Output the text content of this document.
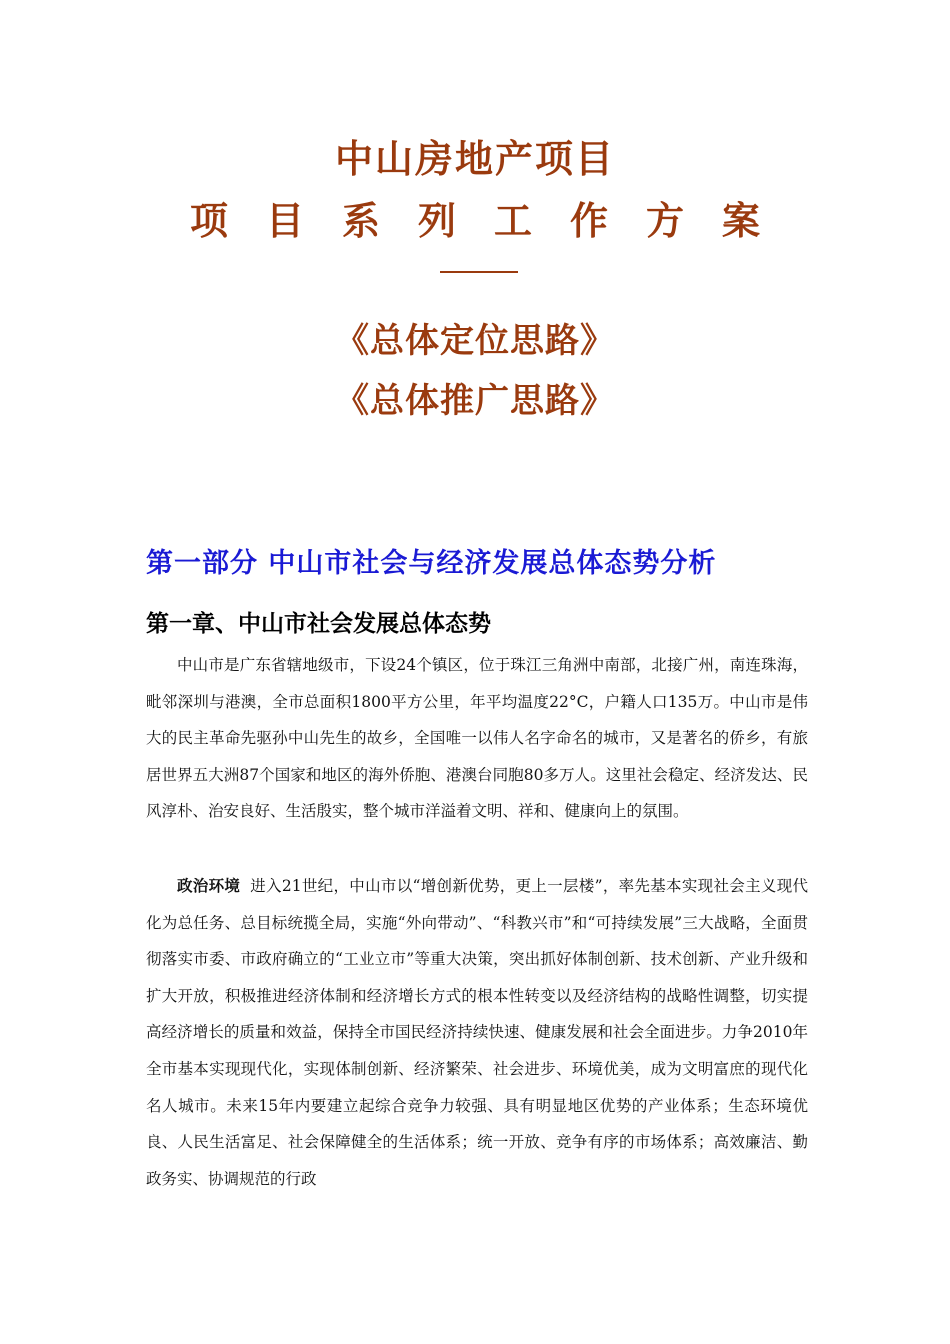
中山房地产项目
项目系列工作方案
《总体定位思路》
《总体推广思路》
第一部分 中山市社会与经济发展总体态势分析
第一章、中山市社会发展总体态势

中山市是广东省辖地级市，下设24个镇区，位于珠江三角洲中南部，北接广州，南连珠海，毗邻深圳与港澳，全市总面积1800平方公里，年平均温度22°C，户籍人口135万。中山市是伟大的民主革命先驱孙中山先生的故乡，全国唯一以伟人名字命名的城市，又是著名的侨乡，有旅居世界五大洲87个国家和地区的海外侨胞、港澳台同胞80多万人。这里社会稳定、经济发达、民风淳朴、治安良好、生活殷实，整个城市洋溢着文明、祥和、健康向上的氛围。

政治环境 进入21世纪，中山市以“增创新优势，更上一层楼”，率先基本实现社会主义现代化为总任务、总目标统揽全局，实施“外向带动”、“科教兴市”和“可持续发展”三大战略，全面贯彻落实市委、市政府确立的“工业立市”等重大决策，突出抓好体制创新、技术创新、产业升级和扩大开放，积极推进经济体制和经济增长方式的根本性转变以及经济结构的战略性调整，切实提高经济增长的质量和效益，保持全市国民经济持续快速、健康发展和社会全面进步。力争2010年全市基本实现现代化，实现体制创新、经济繁荣、社会进步、环境优美，成为文明富庶的现代化名人城市。未来15年内要建立起综合竞争力较强、具有明显地区优势的产业体系；生态环境优良、人民生活富足、社会保障健全的生活体系；统一开放、竞争有序的市场体系；高效廉洁、勤政务实、协调规范的行政
